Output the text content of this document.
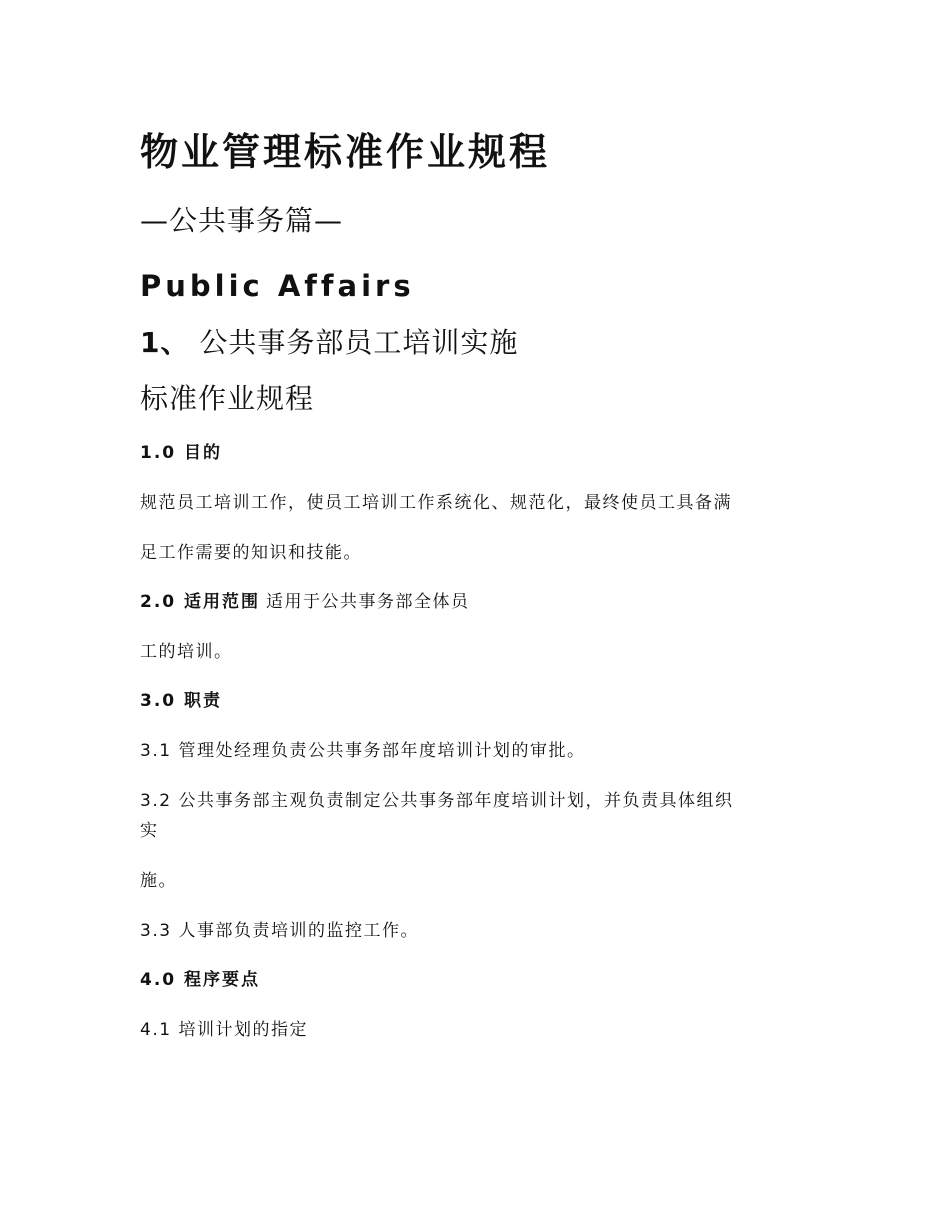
物业管理标准作业规程
—公共事务篇—
Public Affairs
1、 公共事务部员工培训实施
标准作业规程
1.0 目的
规范员工培训工作，使员工培训工作系统化、规范化，最终使员工具备满
足工作需要的知识和技能。
2.0 适用范围 适用于公共事务部全体员
工的培训。
3.0 职责
3.1 管理处经理负责公共事务部年度培训计划的审批。
3.2 公共事务部主观负责制定公共事务部年度培训计划，并负责具体组织
实
施。
3.3 人事部负责培训的监控工作。
4.0 程序要点
4.1 培训计划的指定
